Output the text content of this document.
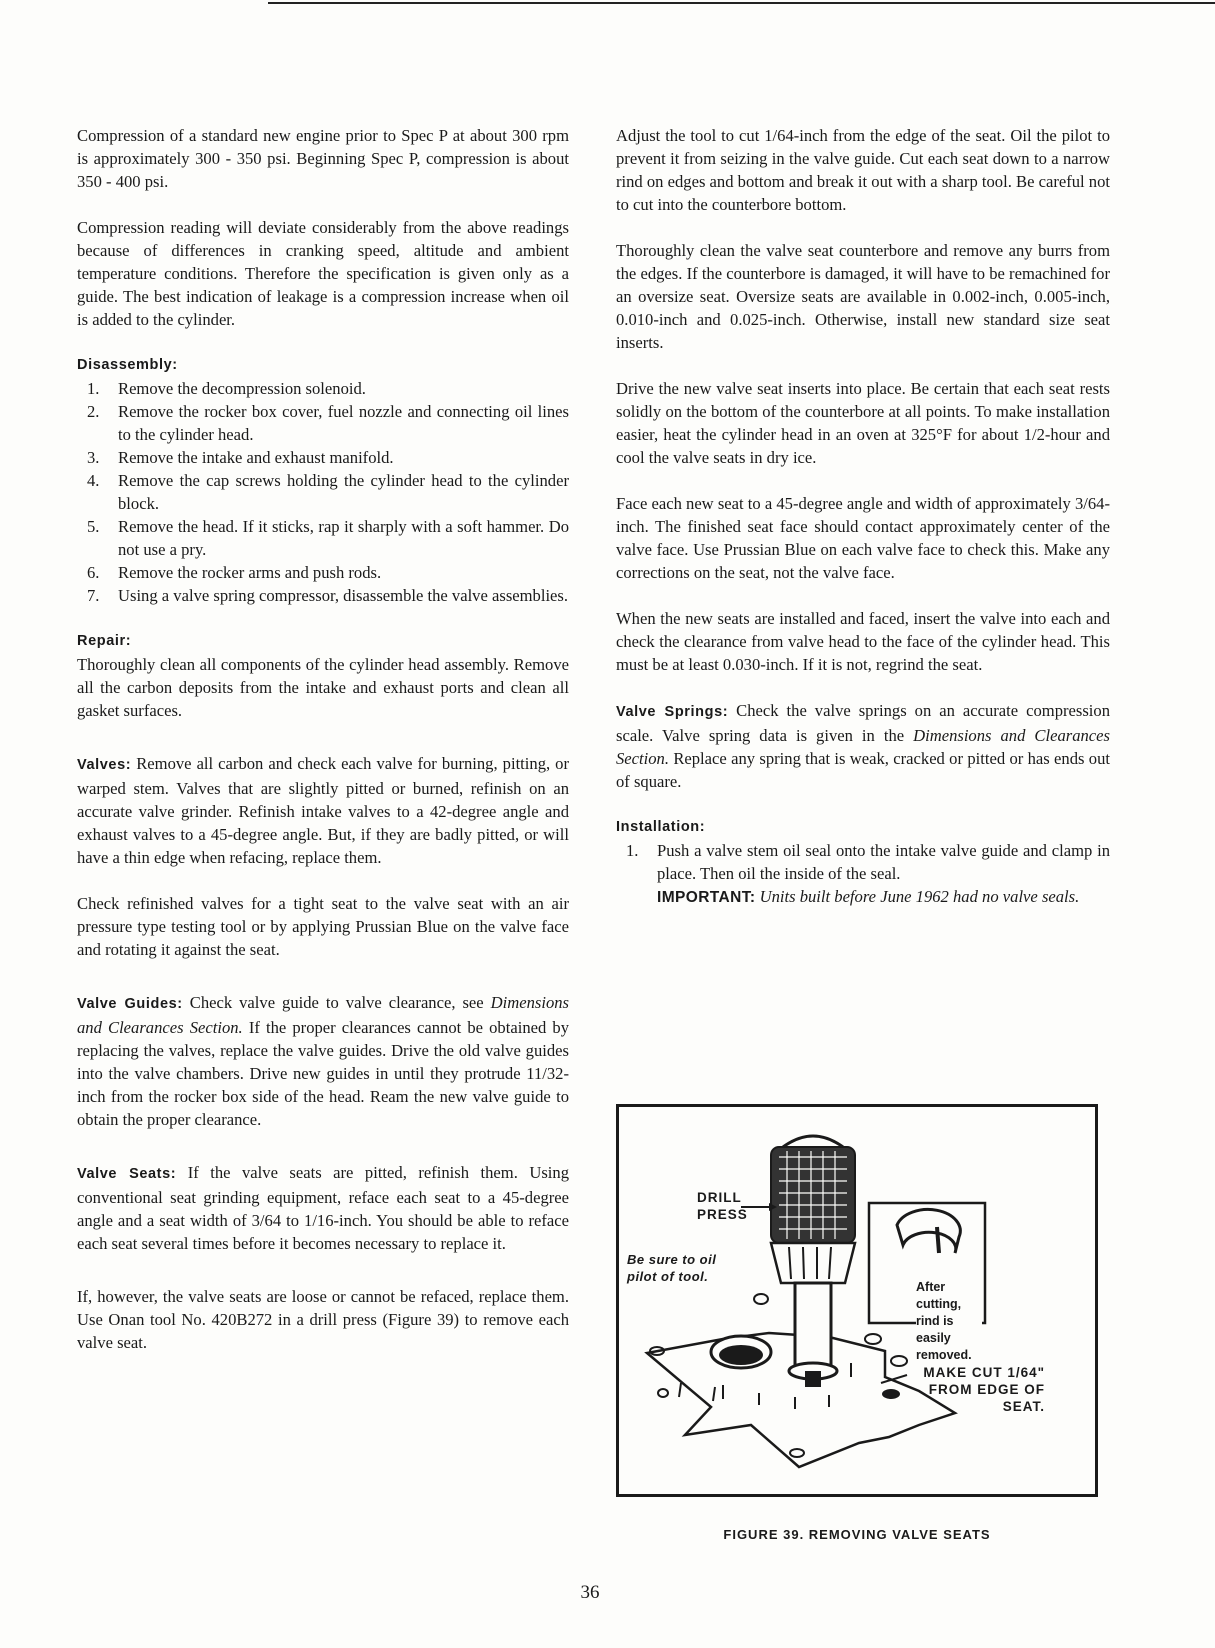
Compression of a standard new engine prior to Spec P at about 300 rpm is approximately 300 - 350 psi. Beginning Spec P, compression is about 350 - 400 psi.

Compression reading will deviate considerably from the above readings because of differences in cranking speed, altitude and ambient temperature conditions. Therefore the specification is given only as a guide. The best indication of leakage is a compression increase when oil is added to the cylinder.

Disassembly:
1. Remove the decompression solenoid.
2. Remove the rocker box cover, fuel nozzle and connecting oil lines to the cylinder head.
3. Remove the intake and exhaust manifold.
4. Remove the cap screws holding the cylinder head to the cylinder block.
5. Remove the head. If it sticks, rap it sharply with a soft hammer. Do not use a pry.
6. Remove the rocker arms and push rods.
7. Using a valve spring compressor, disassemble the valve assemblies.
Repair:

Thoroughly clean all components of the cylinder head assembly. Remove all the carbon deposits from the intake and exhaust ports and clean all gasket surfaces.

Valves: Remove all carbon and check each valve for burning, pitting, or warped stem. Valves that are slightly pitted or burned, refinish on an accurate valve grinder. Refinish intake valves to a 42-degree angle and exhaust valves to a 45-degree angle. But, if they are badly pitted, or will have a thin edge when refacing, replace them.

Check refinished valves for a tight seat to the valve seat with an air pressure type testing tool or by applying Prussian Blue on the valve face and rotating it against the seat.

Valve Guides: Check valve guide to valve clearance, see Dimensions and Clearances Section. If the proper clearances cannot be obtained by replacing the valves, replace the valve guides. Drive the old valve guides into the valve chambers. Drive new guides in until they protrude 11/32-inch from the rocker box side of the head. Ream the new valve guide to obtain the proper clearance.

Valve Seats: If the valve seats are pitted, refinish them. Using conventional seat grinding equipment, reface each seat to a 45-degree angle and a seat width of 3/64 to 1/16-inch. You should be able to reface each seat several times before it becomes necessary to replace it.

If, however, the valve seats are loose or cannot be refaced, replace them. Use Onan tool No. 420B272 in a drill press (Figure 39) to remove each valve seat.

Adjust the tool to cut 1/64-inch from the edge of the seat. Oil the pilot to prevent it from seizing in the valve guide. Cut each seat down to a narrow rind on edges and bottom and break it out with a sharp tool. Be careful not to cut into the counterbore bottom.

Thoroughly clean the valve seat counterbore and remove any burrs from the edges. If the counterbore is damaged, it will have to be remachined for an oversize seat. Oversize seats are available in 0.002-inch, 0.005-inch, 0.010-inch and 0.025-inch. Otherwise, install new standard size seat inserts.

Drive the new valve seat inserts into place. Be certain that each seat rests solidly on the bottom of the counterbore at all points. To make installation easier, heat the cylinder head in an oven at 325°F for about 1/2-hour and cool the valve seats in dry ice.

Face each new seat to a 45-degree angle and width of approximately 3/64-inch. The finished seat face should contact approximately center of the valve face. Use Prussian Blue on each valve face to check this. Make any corrections on the seat, not the valve face.

When the new seats are installed and faced, insert the valve into each and check the clearance from valve head to the face of the cylinder head. This must be at least 0.030-inch. If it is not, regrind the seat.

Valve Springs: Check the valve springs on an accurate compression scale. Valve spring data is given in the Dimensions and Clearances Section. Replace any spring that is weak, cracked or pitted or has ends out of square.

Installation:
1. Push a valve stem oil seal onto the intake valve guide and clamp in place. Then oil the inside of the seal.
IMPORTANT: Units built before June 1962 had no valve seals.
DRILL PRESS
Be sure to oil pilot of tool.
After cutting, rind is easily removed.
MAKE CUT 1/64" FROM EDGE OF SEAT.
FIGURE 39. REMOVING VALVE SEATS
36
